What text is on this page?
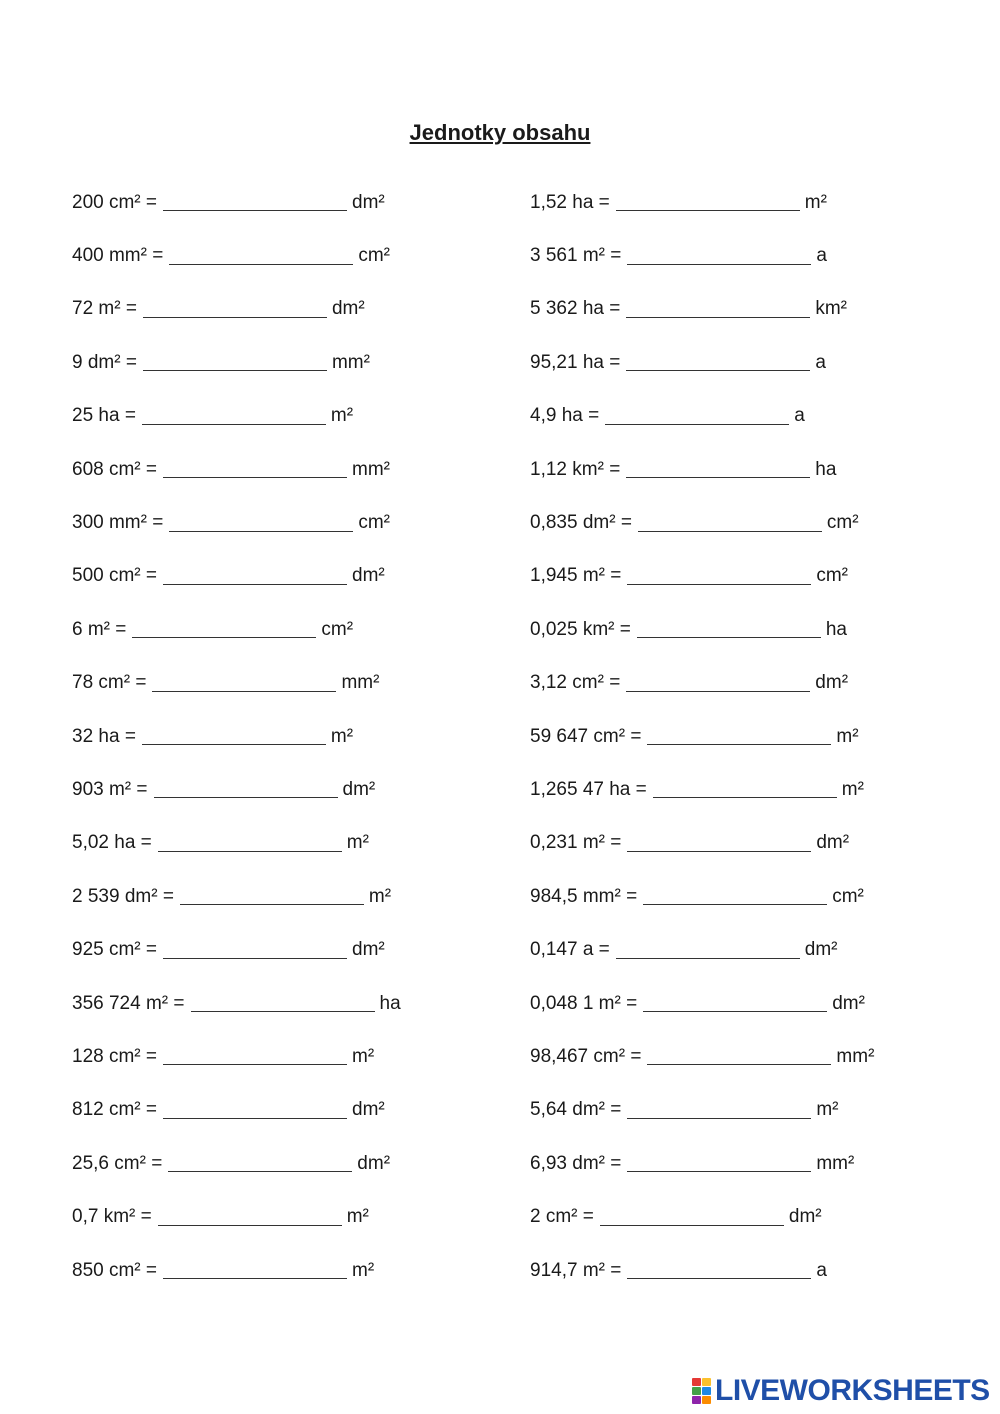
Jednotky obsahu
200 cm² =	dm²
400 mm² =	cm²
72 m² =	dm²
9 dm² =	mm²
25 ha =	m²
608 cm² =	mm²
300 mm² =	cm²
500 cm² =	dm²
6 m² =	cm²
78 cm² =	mm²
32 ha =	m²
903 m² =	dm²
5,02 ha =	m²
2 539 dm² =	m²
925 cm² =	dm²
356 724 m² =	ha
128 cm² =	m²
812 cm² =	dm²
25,6 cm² =	dm²
0,7 km² =	m²
850 cm² =	m²
1,52 ha =	m²
3 561 m² =	a
5 362 ha =	km²
95,21 ha =	a
4,9 ha =	a
1,12 km² =	ha
0,835 dm² =	cm²
1,945 m² =	cm²
0,025 km² =	ha
3,12 cm² =	dm²
59 647 cm² =	m²
1,265 47 ha =	m²
0,231 m² =	dm²
984,5 mm² =	cm²
0,147 a =	dm²
0,048 1 m² =	dm²
98,467 cm² =	mm²
5,64 dm² =	m²
6,93 dm² =	mm²
2 cm² =	dm²
914,7 m² =	a
LIVEWORKSHEETS
